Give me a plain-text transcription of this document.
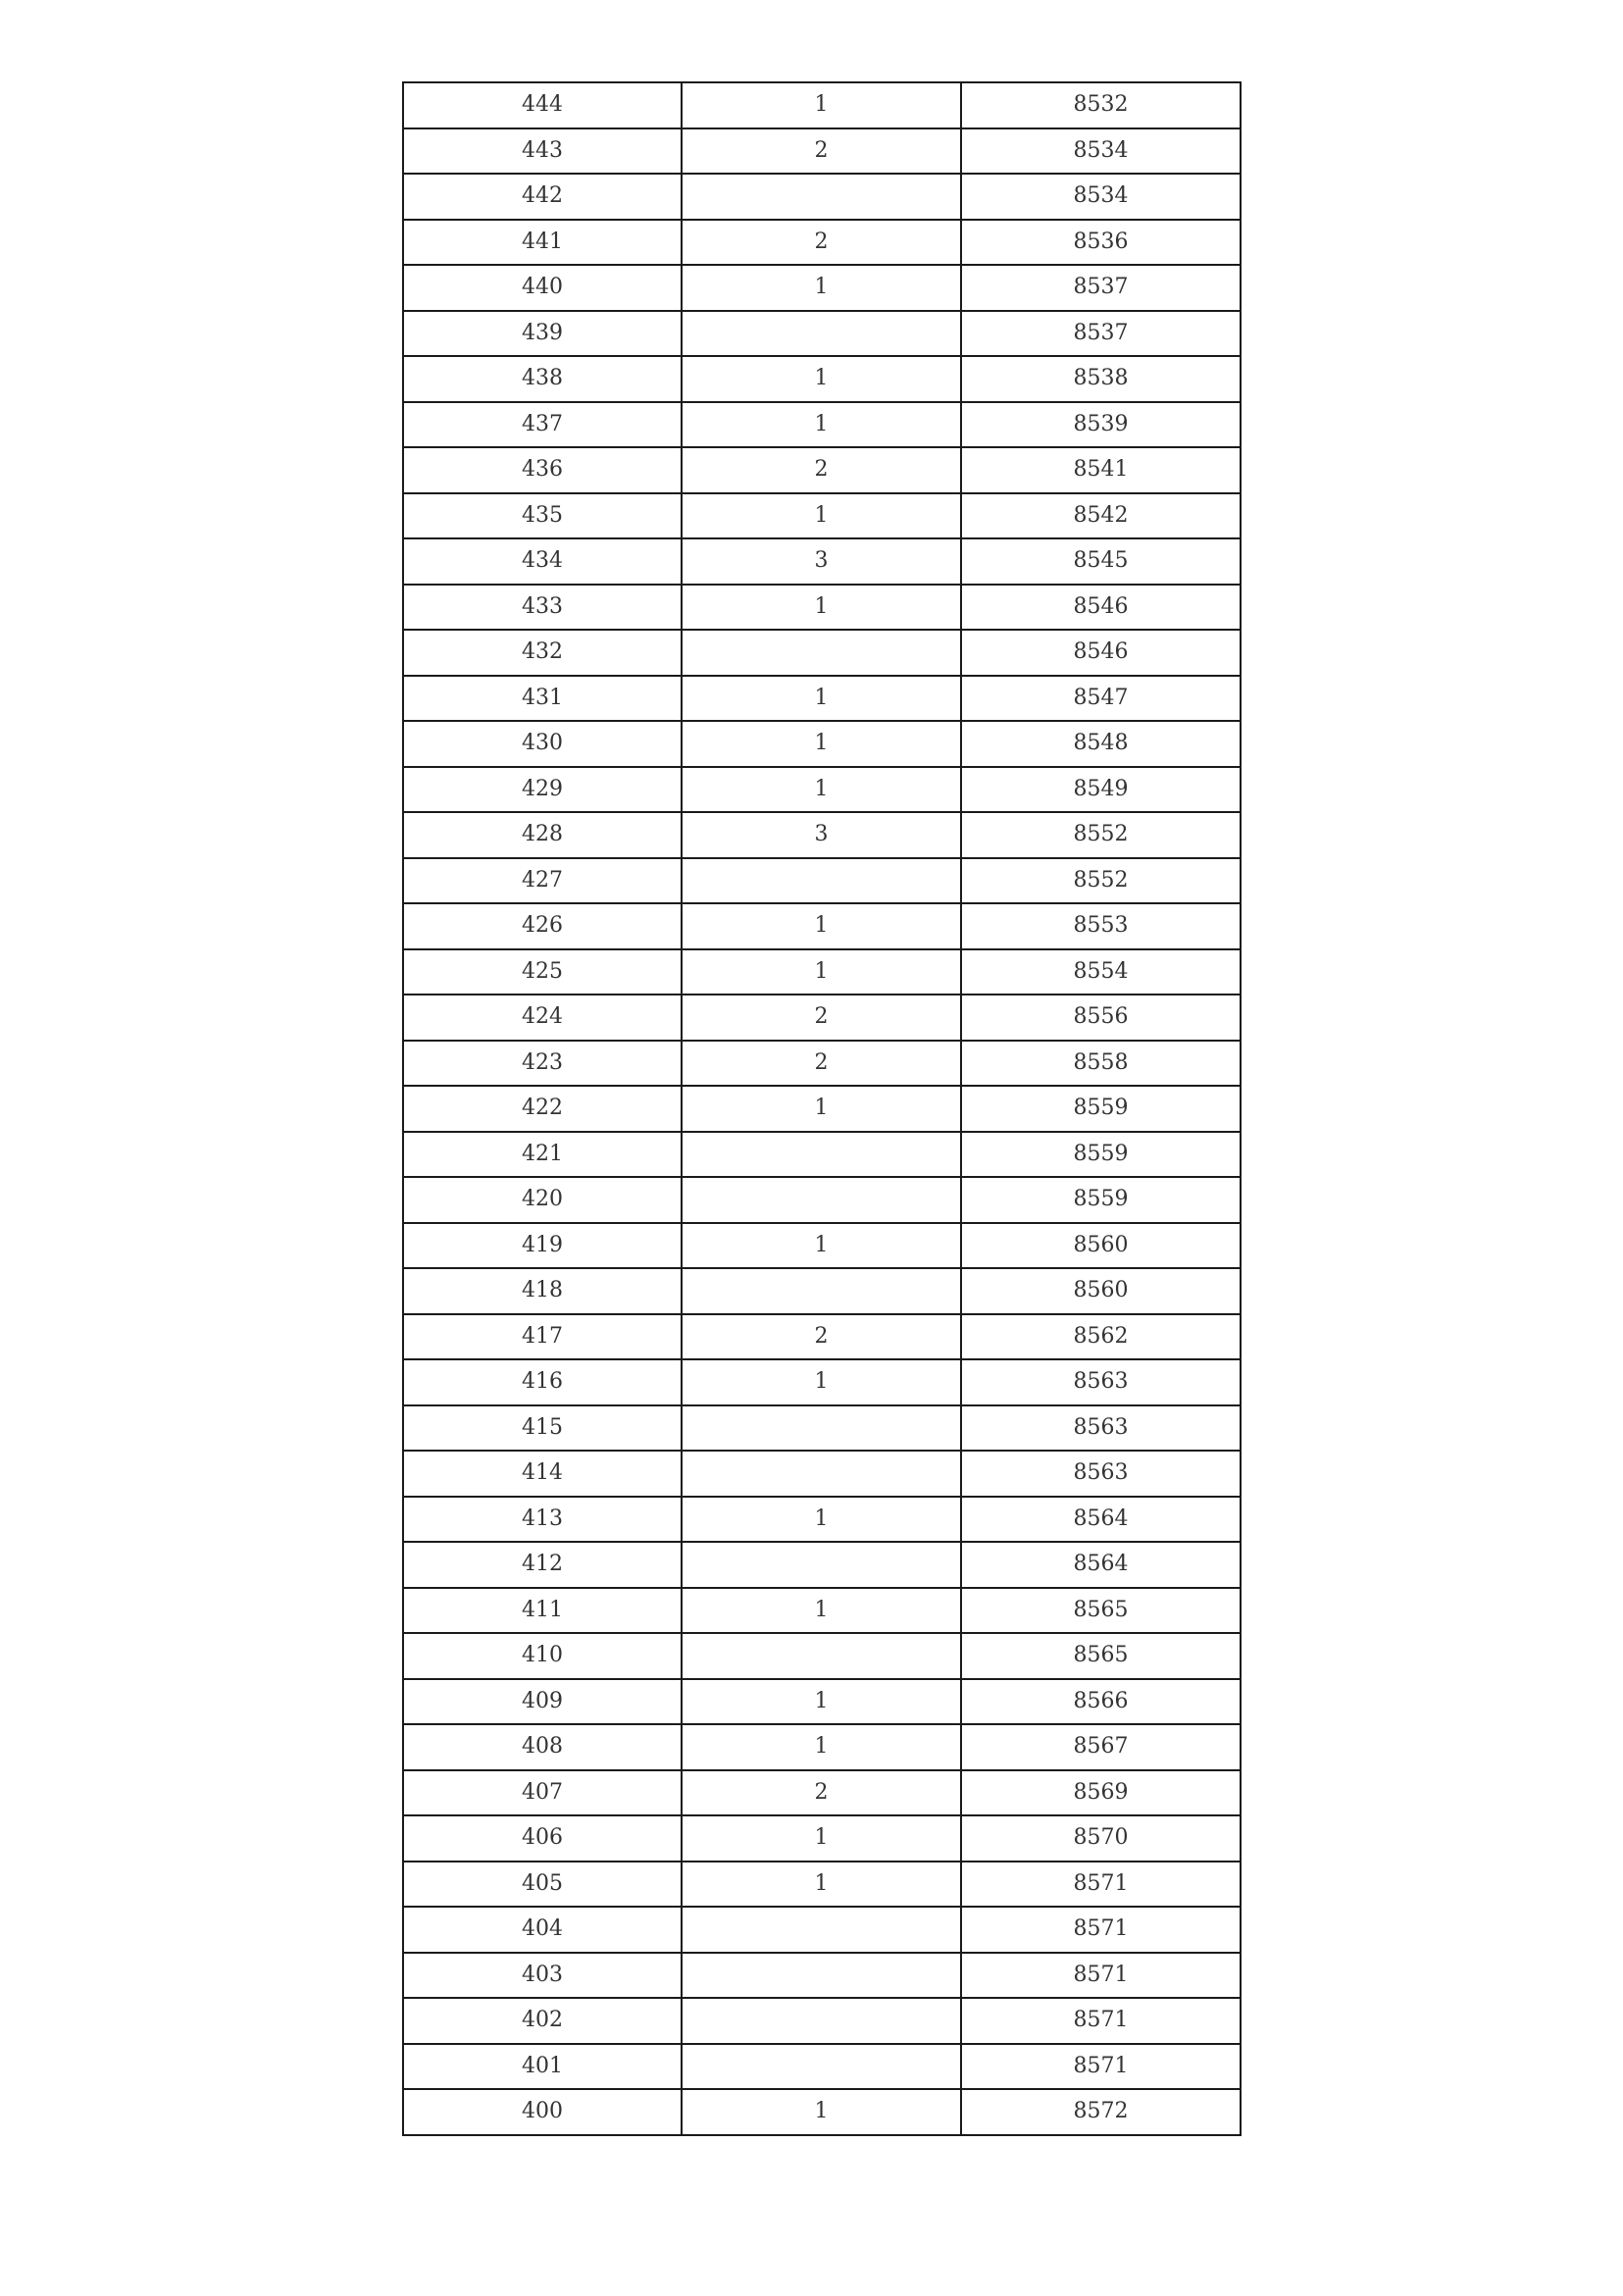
444	1	8532
443	2	8534
442		8534
441	2	8536
440	1	8537
439		8537
438	1	8538
437	1	8539
436	2	8541
435	1	8542
434	3	8545
433	1	8546
432		8546
431	1	8547
430	1	8548
429	1	8549
428	3	8552
427		8552
426	1	8553
425	1	8554
424	2	8556
423	2	8558
422	1	8559
421		8559
420		8559
419	1	8560
418		8560
417	2	8562
416	1	8563
415		8563
414		8563
413	1	8564
412		8564
411	1	8565
410		8565
409	1	8566
408	1	8567
407	2	8569
406	1	8570
405	1	8571
404		8571
403		8571
402		8571
401		8571
400	1	8572
